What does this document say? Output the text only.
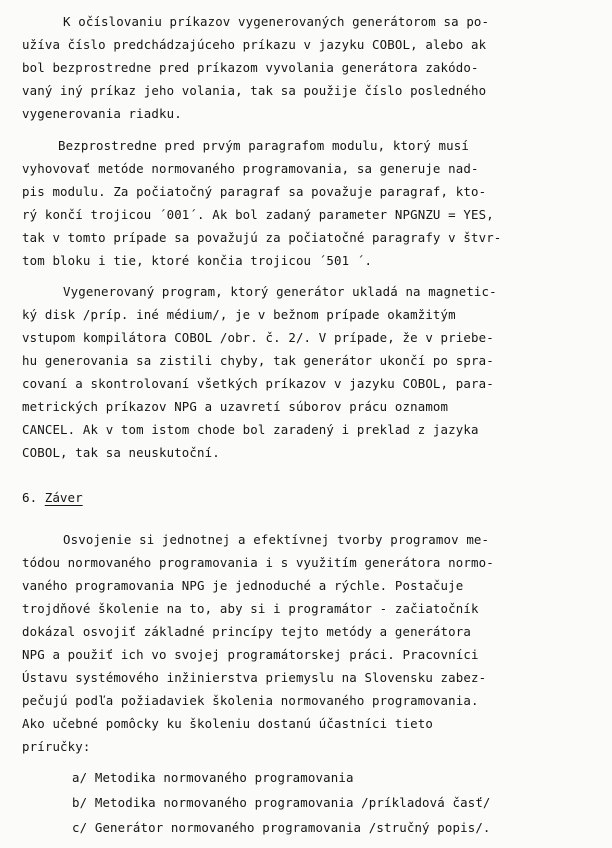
K očíslovaniu príkazov vygenerovaných generátorom sa po-
užíva číslo predchádzajúceho príkazu v jazyku COBOL, alebo ak
bol bezprostredne pred príkazom vyvolania generátora zakódo-
vaný iný príkaz jeho volania, tak sa použije číslo posledného
vygenerovania riadku.
Bezprostredne pred prvým paragrafom modulu, ktorý musí
vyhovovať metóde normovaného programovania, sa generuje nad-
pis modulu. Za počiatočný paragraf sa považuje paragraf, kto-
rý končí trojicou ´001´. Ak bol zadaný parameter NPGNZU = YES,
tak v tomto prípade sa považujú za počiatočné paragrafy v štvr-
tom bloku i tie, ktoré končia trojicou ´501 ´.
Vygenerovaný program, ktorý generátor ukladá na magnetic-
ký disk /príp. iné médium/, je v bežnom prípade okamžitým
vstupom kompilátora COBOL /obr. č. 2/. V prípade, že v priebe-
hu generovania sa zistili chyby, tak generátor ukončí po spra-
covaní a skontrolovaní všetkých príkazov v jazyku COBOL, para-
metrických príkazov NPG a uzavretí súborov prácu oznamom
CANCEL. Ak v tom istom chode bol zaradený i preklad z jazyka
COBOL, tak sa neuskutoční.
6. Záver
Osvojenie si jednotnej a efektívnej tvorby programov me-
tódou normovaného programovania i s využitím generátora normo-
vaného programovania NPG je jednoduché a rýchle. Postačuje
trojdňové školenie na to, aby si i programátor - začiatočník
dokázal osvojiť základné princípy tejto metódy a generátora
NPG a použiť ich vo svojej programátorskej práci. Pracovníci
Ústavu systémového inžinierstva priemyslu na Slovensku zabez-
pečujú podľa požiadaviek školenia normovaného programovania.
Ako učebné pomôcky ku školeniu dostanú účastníci tieto
príručky:
a/ Metodika normovaného programovania
b/ Metodika normovaného programovania /príkladová časť/
c/ Generátor normovaného programovania /stručný popis/.
